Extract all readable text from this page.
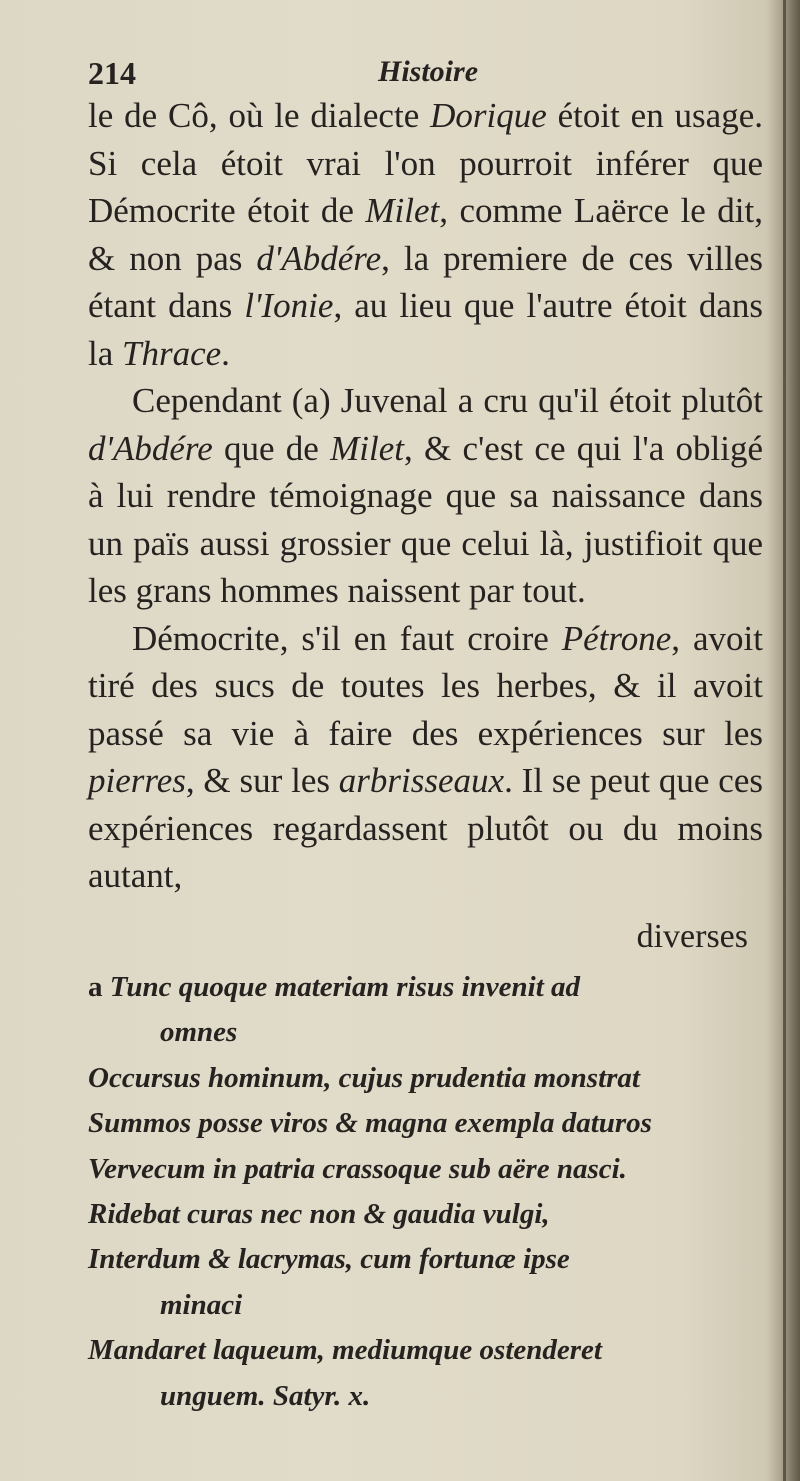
214	Histoire

le de Cô, où le dialecte Dorique étoit en usage. Si cela étoit vrai l'on pourroit inférer que Démocrite étoit de Milet, comme Laërce le dit, & non pas d'Abdére, la premiere de ces villes étant dans l'Ionie, au lieu que l'autre étoit dans la Thrace.

Cependant (a) Juvenal a cru qu'il étoit plutôt d'Abdére que de Milet, & c'est ce qui l'a obligé à lui rendre témoignage que sa naissance dans un païs aussi grossier que celui là, justifioit que les grans hommes naissent par tout.

Démocrite, s'il en faut croire Pétrone, avoit tiré des sucs de toutes les herbes, & il avoit passé sa vie à faire des expériences sur les pierres, & sur les arbrisseaux. Il se peut que ces expériences regardassent plutôt ou du moins autant,

diverses
a Tunc quoque materiam risus invenit ad
omnes
Occursus hominum, cujus prudentia monstrat
Summos posse viros & magna exempla daturos
Vervecum in patria crassoque sub aëre nasci.
Ridebat curas nec non & gaudia vulgi,
Interdum & lacrymas, cum fortunæ ipse
minaci
Mandaret laqueum, mediumque ostenderet
unguem. Satyr. x.
